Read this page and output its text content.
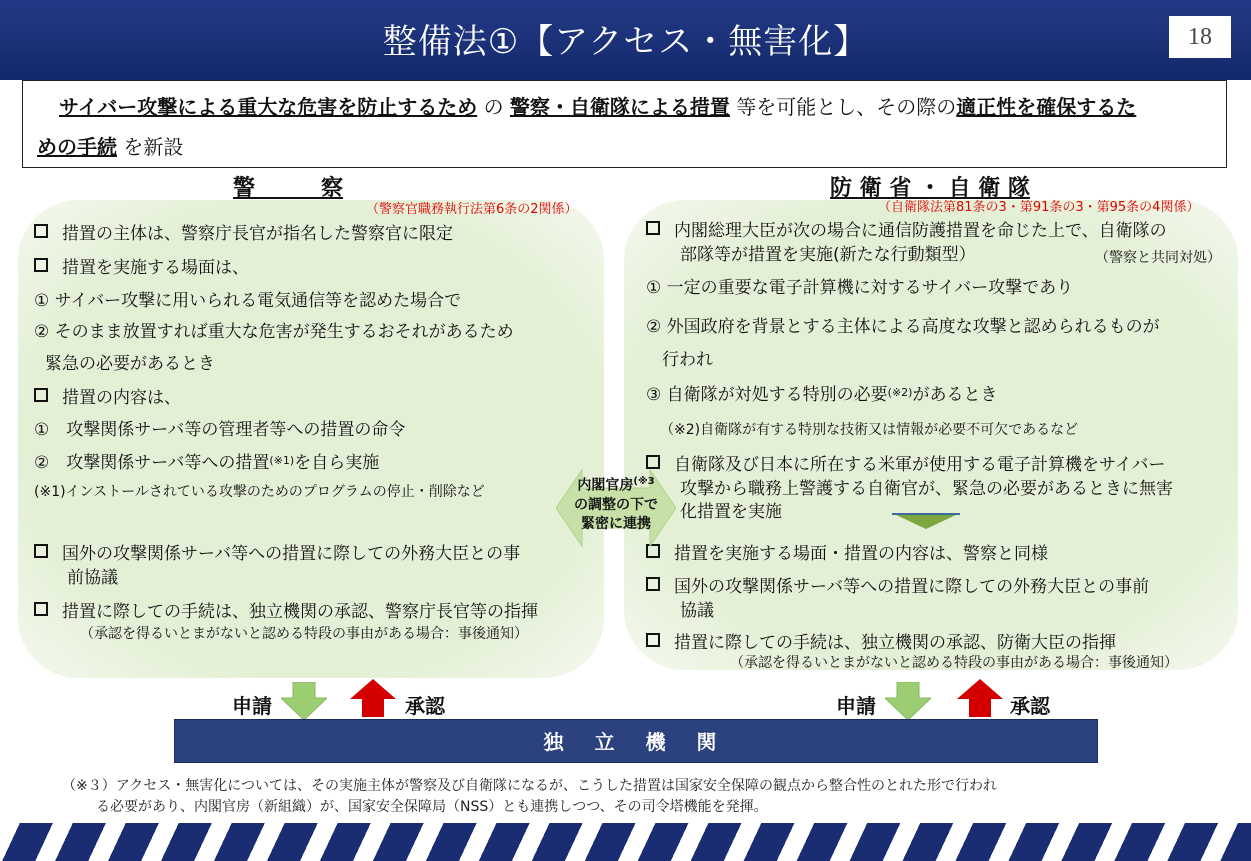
整備法①【アクセス・無害化】	18
サイバー攻撃による重大な危害を防止するため の 警察・自衛隊による措置 等を可能とし、その際の適正性を確保するた
めの手続 を新設
警　　　察
（警察官職務執行法第6条の2関係）
措置の主体は、警察庁長官が指名した警察官に限定
措置を実施する場面は、
① サイバー攻撃に用いられる電気通信等を認めた場合で
② そのまま放置すれば重大な危害が発生するおそれがあるため
緊急の必要があるとき
措置の内容は、
①　攻撃関係サーバ等の管理者等への措置の命令
②　攻撃関係サーバ等への措置$^{(※1)}$を自ら実施
(※1)インストールされている攻撃のためのプログラムの停止・削除など
国外の攻撃関係サーバ等への措置に際しての外務大臣との事
前協議
措置に際しての手続は、独立機関の承認、警察庁長官等の指揮
（承認を得るいとまがないと認める特段の事由がある場合：事後通知）
防 衛 省 ・ 自 衛 隊
（自衛隊法第81条の3・第91条の3・第95条の4関係）
内閣総理大臣が次の場合に通信防護措置を命じた上で、自衛隊の
部隊等が措置を実施(新たな行動類型）	（警察と共同対処）
① 一定の重要な電子計算機に対するサイバー攻撃であり
② 外国政府を背景とする主体による高度な攻撃と認められるものが
行われ
③ 自衛隊が対処する特別の必要$^{(※2)}$があるとき
（※2)自衛隊が有する特別な技術又は情報が必要不可欠であるなど
自衛隊及び日本に所在する米軍が使用する電子計算機をサイバー
攻撃から職務上警護する自衛官が、緊急の必要があるときに無害
化措置を実施
措置を実施する場面・措置の内容は、警察と同様
国外の攻撃関係サーバ等への措置に際しての外務大臣との事前
協議
措置に際しての手続は、独立機関の承認、防衛大臣の指揮
（承認を得るいとまがないと認める特段の事由がある場合：事後通知）
内閣官房$^{(※3}$
の調整の下で
緊密に連携
申請	承認	申請	承認
独 立 機 関
（※３）アクセス・無害化については、その実施主体が警察及び自衛隊になるが、こうした措置は国家安全保障の観点から整合性のとれた形で行われ
る必要があり、内閣官房（新組織）が、国家安全保障局（NSS）とも連携しつつ、その司令塔機能を発揮。
